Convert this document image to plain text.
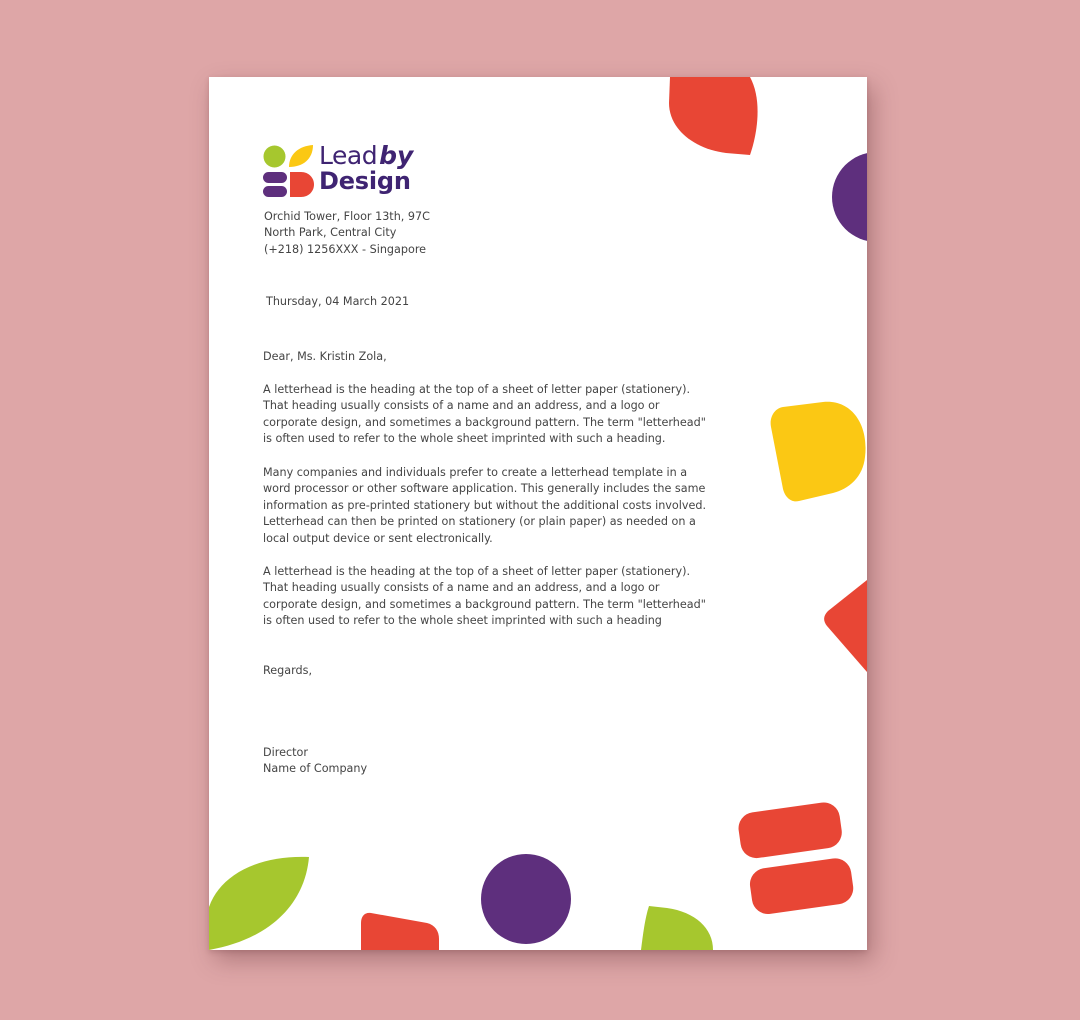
Leadby
Design
Orchid Tower, Floor 13th, 97C
North Park, Central City
(+218) 1256XXX - Singapore
Thursday, 04 March 2021
Dear, Ms. Kristin Zola,

A letterhead is the heading at the top of a sheet of letter paper (stationery). That heading usually consists of a name and an address, and a logo or corporate design, and sometimes a background pattern. The term "letterhead" is often used to refer to the whole sheet imprinted with such a heading.

Many companies and individuals prefer to create a letterhead template in a word processor or other software application. This generally includes the same information as pre-printed stationery but without the additional costs involved. Letterhead can then be printed on stationery (or plain paper) as needed on a local output device or sent electronically.

A letterhead is the heading at the top of a sheet of letter paper (stationery). That heading usually consists of a name and an address, and a logo or corporate design, and sometimes a background pattern. The term "letterhead" is often used to refer to the whole sheet imprinted with such a heading

Regards,
Director
Name of Company
